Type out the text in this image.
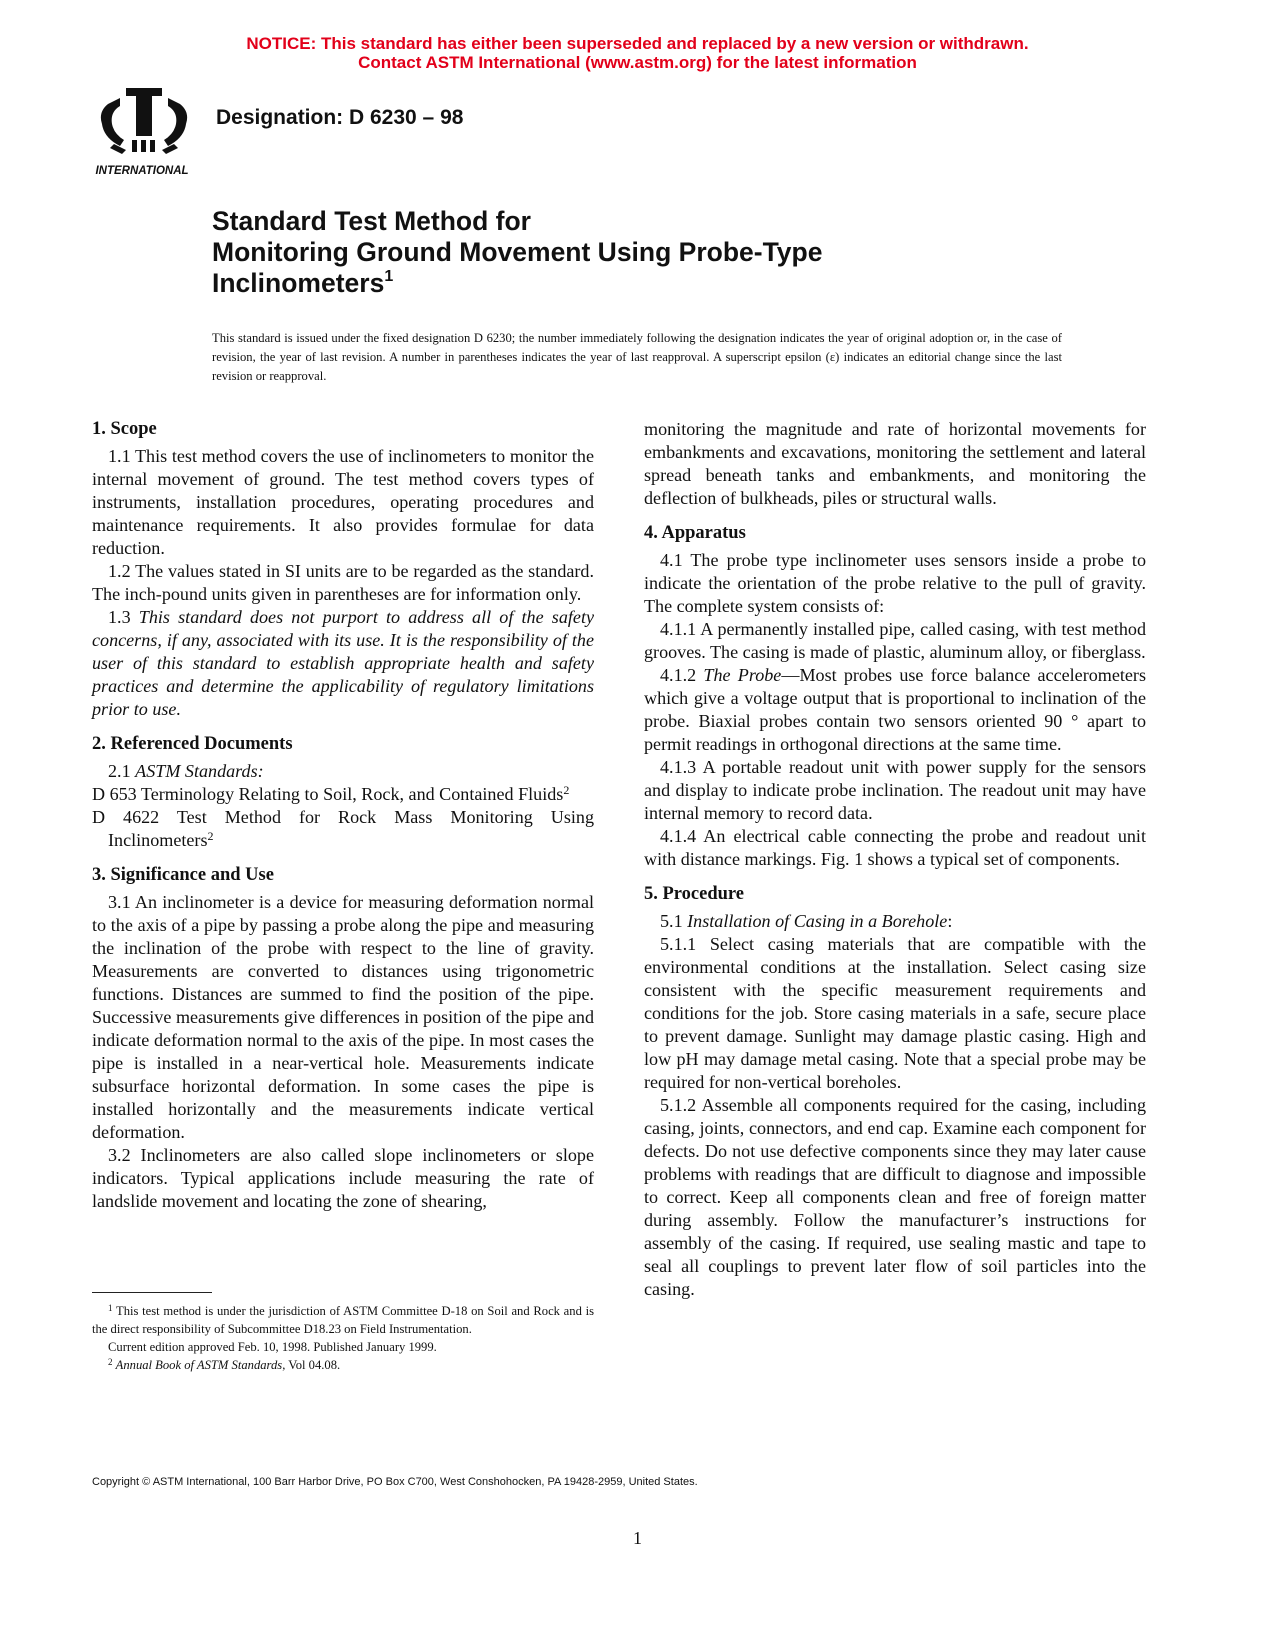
NOTICE: This standard has either been superseded and replaced by a new version or withdrawn.
Contact ASTM International (www.astm.org) for the latest information
INTERNATIONAL
Designation: D 6230 – 98
Standard Test Method for
Monitoring Ground Movement Using Probe-Type
Inclinometers$^1$
This standard is issued under the fixed designation D 6230; the number immediately following the designation indicates the year of original adoption or, in the case of revision, the year of last revision. A number in parentheses indicates the year of last reapproval. A superscript epsilon (ε) indicates an editorial change since the last revision or reapproval.
1. Scope

1.1 This test method covers the use of inclinometers to monitor the internal movement of ground. The test method covers types of instruments, installation procedures, operating procedures and maintenance requirements. It also provides formulae for data reduction.

1.2 The values stated in SI units are to be regarded as the standard. The inch-pound units given in parentheses are for information only.

1.3 This standard does not purport to address all of the safety concerns, if any, associated with its use. It is the responsibility of the user of this standard to establish appropriate health and safety practices and determine the applicability of regulatory limitations prior to use.

2. Referenced Documents

2.1 ASTM Standards:

D 653 Terminology Relating to Soil, Rock, and Contained Fluids$^2$

D 4622 Test Method for Rock Mass Monitoring Using Inclinometers$^2$

3. Significance and Use

3.1 An inclinometer is a device for measuring deformation normal to the axis of a pipe by passing a probe along the pipe and measuring the inclination of the probe with respect to the line of gravity. Measurements are converted to distances using trigonometric functions. Distances are summed to find the position of the pipe. Successive measurements give differences in position of the pipe and indicate deformation normal to the axis of the pipe. In most cases the pipe is installed in a near-vertical hole. Measurements indicate subsurface horizontal deformation. In some cases the pipe is installed horizontally and the measurements indicate vertical deformation.

3.2 Inclinometers are also called slope inclinometers or slope indicators. Typical applications include measuring the rate of landslide movement and locating the zone of shearing,

$^1$ This test method is under the jurisdiction of ASTM Committee D-18 on Soil and Rock and is the direct responsibility of Subcommittee D18.23 on Field Instrumentation.

Current edition approved Feb. 10, 1998. Published January 1999.

$^2$ Annual Book of ASTM Standards, Vol 04.08.

monitoring the magnitude and rate of horizontal movements for embankments and excavations, monitoring the settlement and lateral spread beneath tanks and embankments, and monitoring the deflection of bulkheads, piles or structural walls.

4. Apparatus

4.1 The probe type inclinometer uses sensors inside a probe to indicate the orientation of the probe relative to the pull of gravity. The complete system consists of:

4.1.1 A permanently installed pipe, called casing, with test method grooves. The casing is made of plastic, aluminum alloy, or fiberglass.

4.1.2 The Probe—Most probes use force balance accelerometers which give a voltage output that is proportional to inclination of the probe. Biaxial probes contain two sensors oriented 90 ° apart to permit readings in orthogonal directions at the same time.

4.1.3 A portable readout unit with power supply for the sensors and display to indicate probe inclination. The readout unit may have internal memory to record data.

4.1.4 An electrical cable connecting the probe and readout unit with distance markings. Fig. 1 shows a typical set of components.

5. Procedure

5.1 Installation of Casing in a Borehole:

5.1.1 Select casing materials that are compatible with the environmental conditions at the installation. Select casing size consistent with the specific measurement requirements and conditions for the job. Store casing materials in a safe, secure place to prevent damage. Sunlight may damage plastic casing. High and low pH may damage metal casing. Note that a special probe may be required for non-vertical boreholes.

5.1.2 Assemble all components required for the casing, including casing, joints, connectors, and end cap. Examine each component for defects. Do not use defective components since they may later cause problems with readings that are difficult to diagnose and impossible to correct. Keep all components clean and free of foreign matter during assembly. Follow the manufacturer’s instructions for assembly of the casing. If required, use sealing mastic and tape to seal all couplings to prevent later flow of soil particles into the casing.

Copyright © ASTM International, 100 Barr Harbor Drive, PO Box C700, West Conshohocken, PA 19428-2959, United States.
1
